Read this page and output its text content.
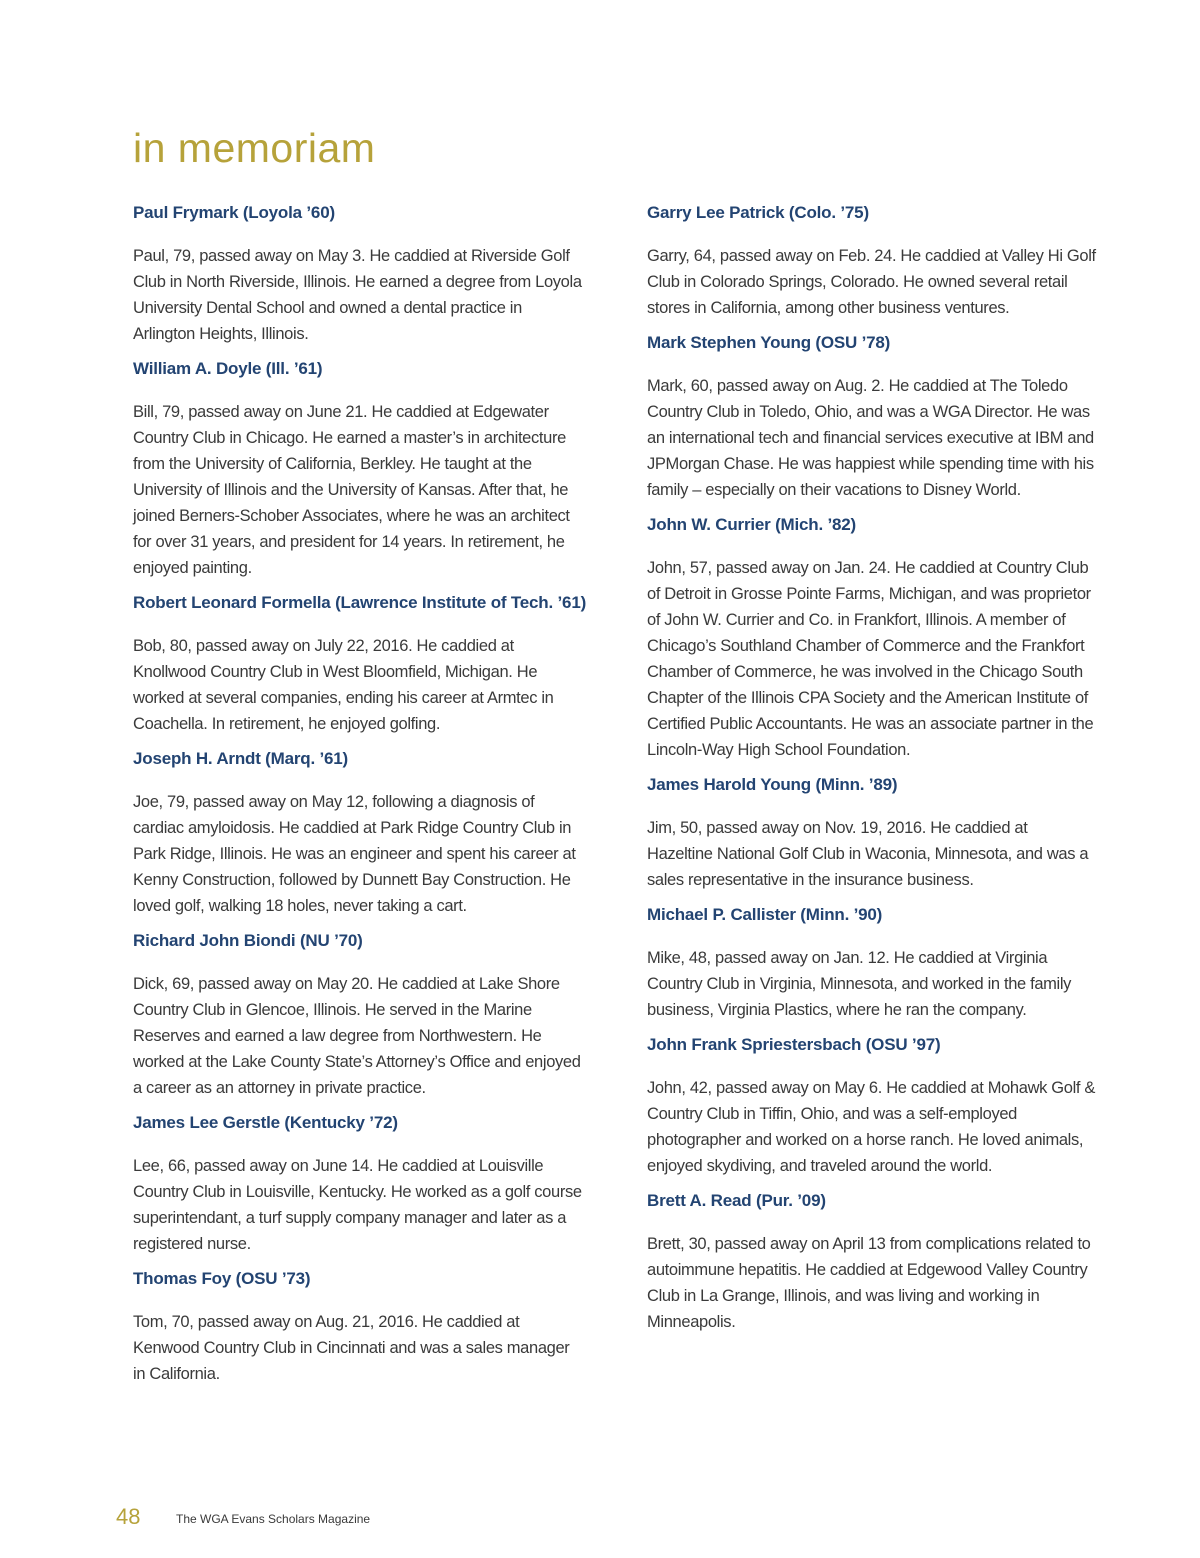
in memoriam
Paul Frymark (Loyola ’60)

Paul, 79, passed away on May 3. He caddied at Riverside Golf Club in North Riverside, Illinois. He earned a degree from Loyola University Dental School and owned a dental practice in Arlington Heights, Illinois.

William A. Doyle (Ill. ’61)

Bill, 79, passed away on June 21. He caddied at Edgewater Country Club in Chicago. He earned a master’s in architecture from the University of California, Berkley. He taught at the University of Illinois and the University of Kansas. After that, he joined Berners-Schober Associates, where he was an architect for over 31 years, and president for 14 years. In retirement, he enjoyed painting.

Robert Leonard Formella (Lawrence Institute of Tech. ’61)

Bob, 80, passed away on July 22, 2016. He caddied at Knollwood Country Club in West Bloomfield, Michigan. He worked at several companies, ending his career at Armtec in Coachella. In retirement, he enjoyed golfing.

Joseph H. Arndt (Marq. ’61)

Joe, 79, passed away on May 12, following a diagnosis of cardiac amyloidosis. He caddied at Park Ridge Country Club in Park Ridge, Illinois. He was an engineer and spent his career at Kenny Construction, followed by Dunnett Bay Construction. He loved golf, walking 18 holes, never taking a cart.

Richard John Biondi (NU ’70)

Dick, 69, passed away on May 20. He caddied at Lake Shore Country Club in Glencoe, Illinois. He served in the Marine Reserves and earned a law degree from Northwestern. He worked at the Lake County State’s Attorney’s Office and enjoyed a career as an attorney in private practice.

James Lee Gerstle (Kentucky ’72)

Lee, 66, passed away on June 14. He caddied at Louisville Country Club in Louisville, Kentucky. He worked as a golf course superintendant, a turf supply company manager and later as a registered nurse.

Thomas Foy (OSU ’73)

Tom, 70, passed away on Aug. 21, 2016. He caddied at Kenwood Country Club in Cincinnati and was a sales manager in California.

Garry Lee Patrick (Colo. ’75)

Garry, 64, passed away on Feb. 24. He caddied at Valley Hi Golf Club in Colorado Springs, Colorado. He owned several retail stores in California, among other business ventures.

Mark Stephen Young (OSU ’78)

Mark, 60, passed away on Aug. 2. He caddied at The Toledo Country Club in Toledo, Ohio, and was a WGA Director. He was an international tech and financial services executive at IBM and JPMorgan Chase. He was happiest while spending time with his family – especially on their vacations to Disney World.

John W. Currier (Mich. ’82)

John, 57, passed away on Jan. 24. He caddied at Country Club of Detroit in Grosse Pointe Farms, Michigan, and was proprietor of John W. Currier and Co. in Frankfort, Illinois. A member of Chicago’s Southland Chamber of Commerce and the Frankfort Chamber of Commerce, he was involved in the Chicago South Chapter of the Illinois CPA Society and the American Institute of Certified Public Accountants. He was an associate partner in the Lincoln-Way High School Foundation.

James Harold Young (Minn. ’89)

Jim, 50, passed away on Nov. 19, 2016. He caddied at Hazeltine National Golf Club in Waconia, Minnesota, and was a sales representative in the insurance business.

Michael P. Callister (Minn. ’90)

Mike, 48, passed away on Jan. 12. He caddied at Virginia Country Club in Virginia, Minnesota, and worked in the family business, Virginia Plastics, where he ran the company.

John Frank Spriestersbach (OSU ’97)

John, 42, passed away on May 6. He caddied at Mohawk Golf & Country Club in Tiffin, Ohio, and was a self-employed photographer and worked on a horse ranch. He loved animals, enjoyed skydiving, and traveled around the world.

Brett A. Read (Pur. ’09)

Brett, 30, passed away on April 13 from complications related to autoimmune hepatitis. He caddied at Edgewood Valley Country Club in La Grange, Illinois, and was living and working in Minneapolis.

48	The WGA Evans Scholars Magazine
